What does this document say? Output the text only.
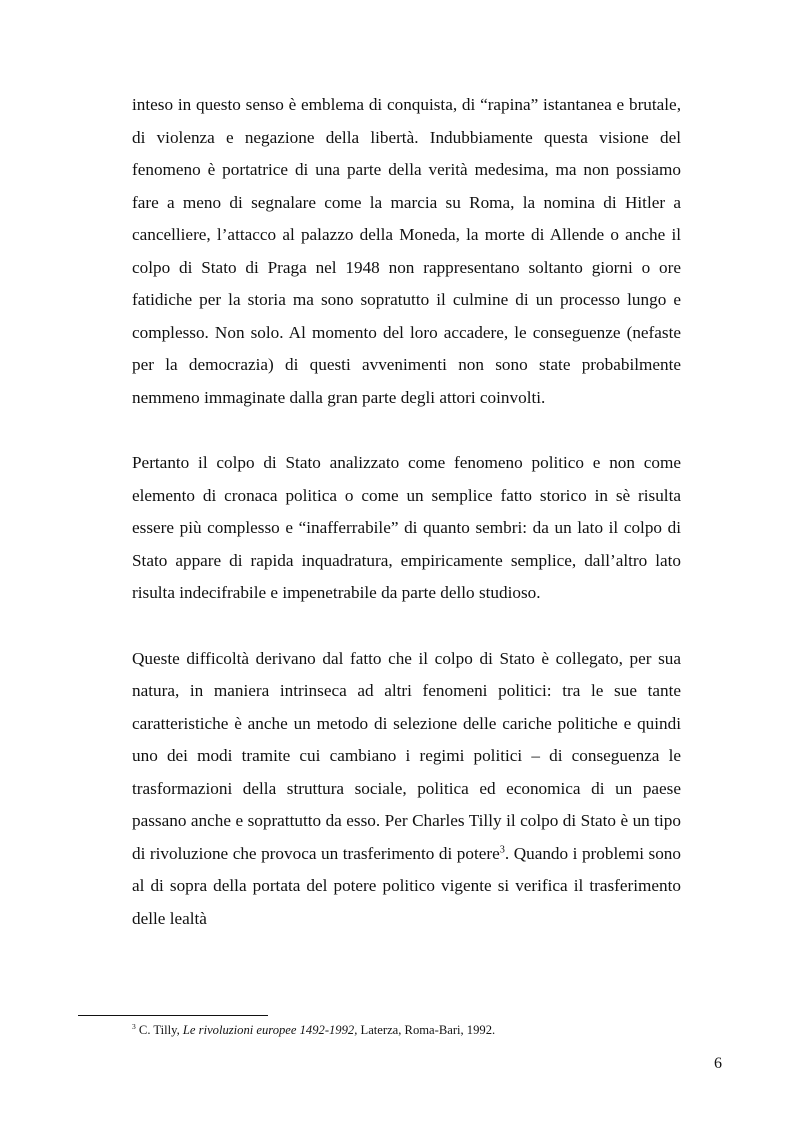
inteso in questo senso è emblema di conquista, di “rapina” istantanea e brutale, di violenza e negazione della libertà. Indubbiamente questa visione del fenomeno è portatrice di una parte della verità medesima, ma non possiamo fare a meno di segnalare come la marcia su Roma, la nomina di Hitler a cancelliere, l’attacco al palazzo della Moneda, la morte di Allende o anche il colpo di Stato di Praga nel 1948 non rappresentano soltanto giorni o ore fatidiche per la storia ma sono sopratutto il culmine di un processo lungo e complesso. Non solo. Al momento del loro accadere, le conseguenze (nefaste per la democrazia) di questi avvenimenti non sono state probabilmente nemmeno immaginate dalla gran parte degli attori coinvolti.

Pertanto il colpo di Stato analizzato come fenomeno politico e non come elemento di cronaca politica o come un semplice fatto storico in sè risulta essere più complesso e “inafferrabile” di quanto sembri: da un lato il colpo di Stato appare di rapida inquadratura, empiricamente semplice, dall’altro lato risulta indecifrabile e impenetrabile da parte dello studioso.

Queste difficoltà derivano dal fatto che il colpo di Stato è collegato, per sua natura, in maniera intrinseca ad altri fenomeni politici: tra le sue tante caratteristiche è anche un metodo di selezione delle cariche politiche e quindi uno dei modi tramite cui cambiano i regimi politici – di conseguenza le trasformazioni della struttura sociale, politica ed economica di un paese passano anche e soprattutto da esso. Per Charles Tilly il colpo di Stato è un tipo di rivoluzione che provoca un trasferimento di potere$^3$. Quando i problemi sono al di sopra della portata del potere politico vigente si verifica il trasferimento delle lealtà

$^3$ C. Tilly, Le rivoluzioni europee 1492-1992, Laterza, Roma-Bari, 1992.
6
